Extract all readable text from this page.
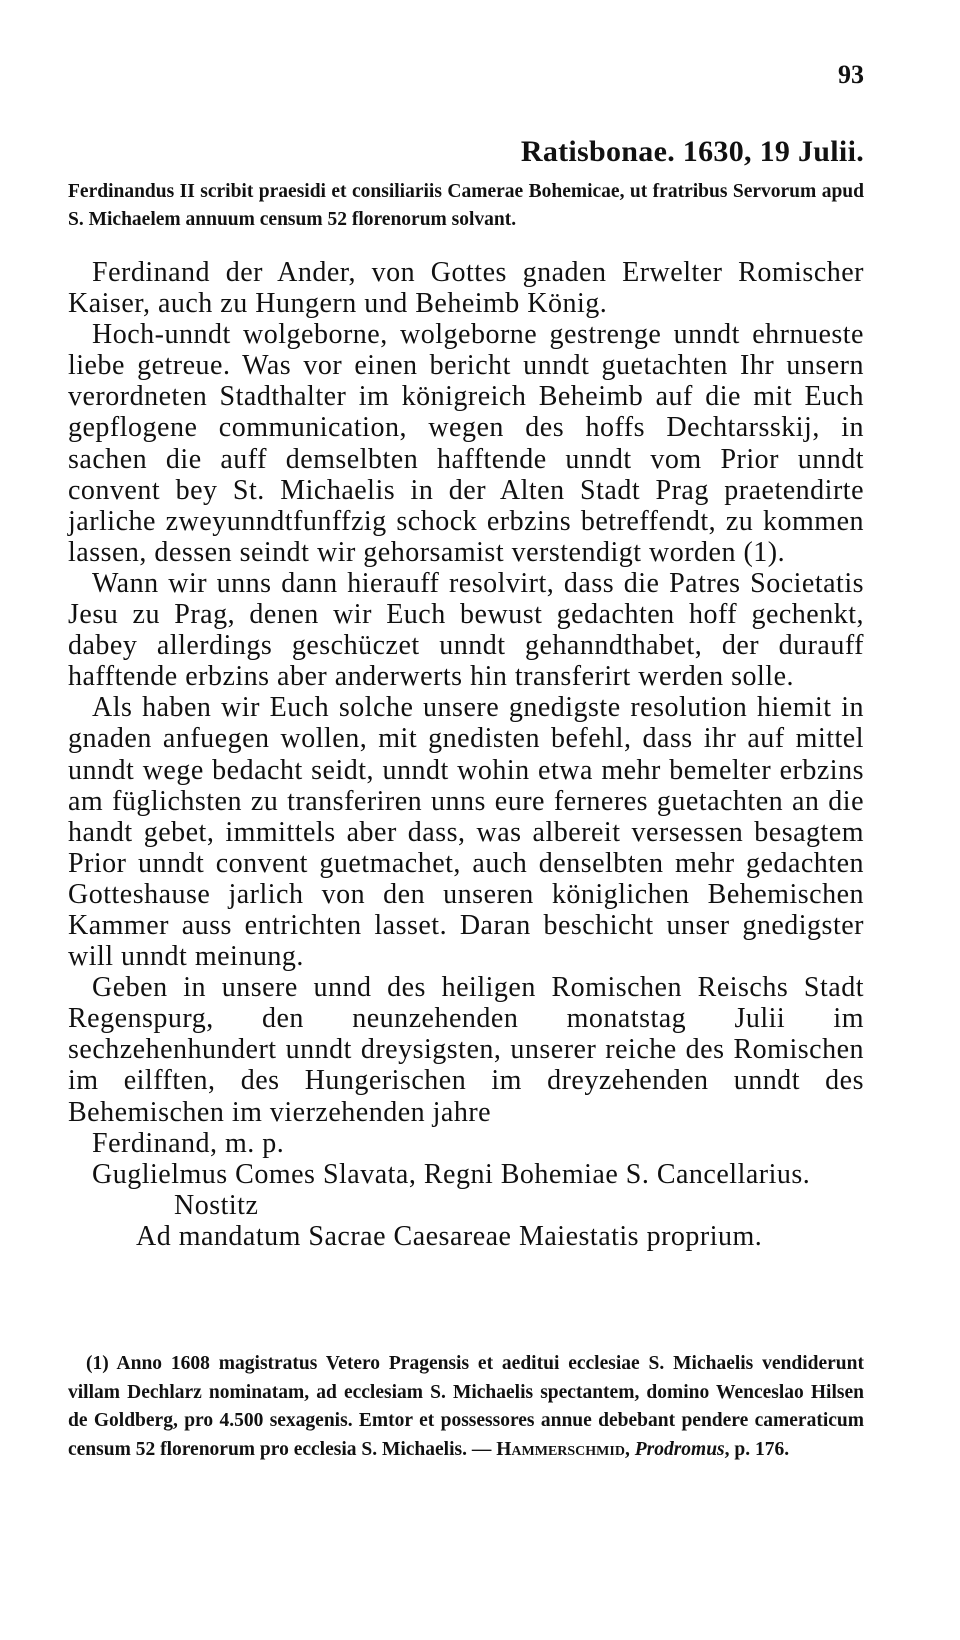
93
Ratisbonae. 1630, 19 Julii.
Ferdinandus II scribit praesidi et consiliariis Camerae Bohemicae, ut fratribus Servorum apud S. Michaelem annuum censum 52 florenorum solvant.

Ferdinand der Ander, von Gottes gnaden Erwelter Romischer Kaiser, auch zu Hungern und Beheimb König.

Hoch-unndt wolgeborne, wolgeborne gestrenge unndt ehrnueste liebe getreue. Was vor einen bericht unndt guetachten Ihr unsern verordneten Stadthalter im königreich Beheimb auf die mit Euch gepflogene communication, wegen des hoffs Dechtarsskij, in sachen die auff demselbten hafftende unndt vom Prior unndt convent bey St. Michaelis in der Alten Stadt Prag praetendirte jarliche zweyunndtfunffzig schock erbzins betreffendt, zu kommen lassen, dessen seindt wir gehorsamist verstendigt worden (1).

Wann wir unns dann hierauff resolvirt, dass die Patres Societatis Jesu zu Prag, denen wir Euch bewust gedachten hoff gechenkt, dabey allerdings geschüczet unndt gehanndthabet, der durauff hafftende erbzins aber anderwerts hin transferirt werden solle.

Als haben wir Euch solche unsere gnedigste resolution hiemit in gnaden anfuegen wollen, mit gnedisten befehl, dass ihr auf mittel unndt wege bedacht seidt, unndt wohin etwa mehr bemelter erbzins am füglichsten zu transferiren unns eure ferneres guetachten an die handt gebet, immittels aber dass, was albereit versessen besagtem Prior unndt convent guetmachet, auch denselbten mehr gedachten Gotteshause jarlich von den unseren königlichen Behemischen Kammer auss entrichten lasset. Daran beschicht unser gnedigster will unndt meinung.

Geben in unsere unnd des heiligen Romischen Reischs Stadt Regenspurg, den neunzehenden monatstag Julii im sechzehenhundert unndt dreysigsten, unserer reiche des Romischen im eilfften, des Hungerischen im dreyzehenden unndt des Behemischen im vierzehenden jahre

Ferdinand, m. p.
Guglielmus Comes Slavata, Regni Bohemiae S. Cancellarius.
Nostitz
Ad mandatum Sacrae Caesareae Maiestatis proprium.
(1) Anno 1608 magistratus Vetero Pragensis et aeditui ecclesiae S. Michaelis vendiderunt villam Dechlarz nominatam, ad ecclesiam S. Michaelis spectantem, domino Wenceslao Hilsen de Goldberg, pro 4.500 sexagenis. Emtor et possessores annue debebant pendere cameraticum censum 52 florenorum pro ecclesia S. Michaelis. — Hammerschmid, Prodromus, p. 176.
